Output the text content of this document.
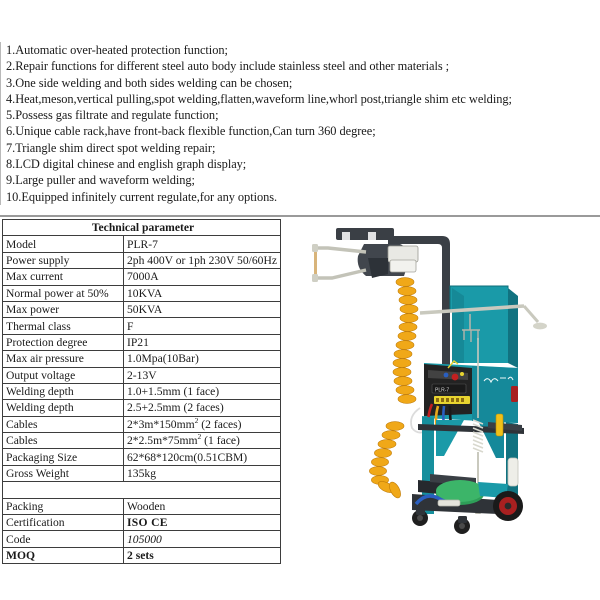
1.Automatic over-heated protection function;
2.Repair functions for different steel auto body include stainless steel and other materials ;
3.One side welding and both sides welding can be chosen;
4.Heat,meson,vertical pulling,spot welding,flatten,waveform line,whorl post,triangle shim etc welding;
5.Possess gas filtrate and regulate function;
6.Unique cable rack,have front-back flexible function,Can turn 360 degree;
7.Triangle shim direct spot welding repair;
8.LCD digital chinese and english graph display;
9.Large puller and waveform welding;
10.Equipped infinitely current regulate,for any options.
Technical parameter	
Model	PLR-7
Power supply	2ph 400V or 1ph 230V 50/60Hz
Max current	7000A
Normal power at 50%	10KVA
Max power	50KVA
Thermal class	F
Protection degree	IP21
Max air pressure	1.0Mpa(10Bar)
Output voltage	2-13V
Welding depth	1.0+1.5mm (1 face)
Welding depth	2.5+2.5mm (2 faces)
Cables	$2*3m*150mm^2$ (2 faces)
Cables	$2*2.5m*75mm^2$ (1 face)
Packaging Size	62*68*120cm(0.51CBM)
Gross Weight	135kg

Packing	Wooden
Certification	ISO CE
Code	105000
MOQ	2 sets
PLR-7
